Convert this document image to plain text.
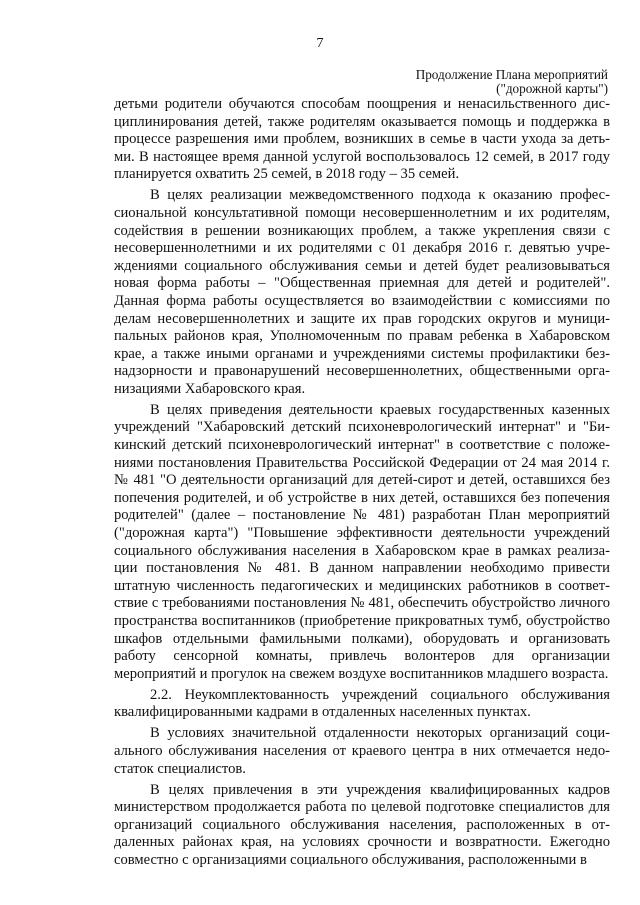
7
Продолжение Плана мероприятий
("дорожной карты")

детьми родители обучаются способам поощрения и ненасильственного дисциплинирования детей, также родителям оказывается помощь и поддержка в процессе разрешения ими проблем, возникших в семье в части ухода за детьми. В настоящее время данной услугой воспользовалось 12 семей, в 2017 году планируется охватить 25 семей, в 2018 году – 35 семей.

В целях реализации межведомственного подхода к оказанию профессиональной консультативной помощи несовершеннолетним и их родителям, содействия в решении возникающих проблем, а также укрепления связи с несовершеннолетними и их родителями с 01 декабря 2016 г. девятью учреждениями социального обслуживания семьи и детей будет реализовываться новая форма работы – "Общественная приемная для детей и родителей". Данная форма работы осуществляется во взаимодействии с комиссиями по делам несовершеннолетних и защите их прав городских округов и муниципальных районов края, Уполномоченным по правам ребенка в Хабаровском крае, а также иными органами и учреждениями системы профилактики безнадзорности и правонарушений несовершеннолетних, общественными организациями Хабаровского края.

В целях приведения деятельности краевых государственных казенных учреждений "Хабаровский детский психоневрологический интернат" и "Бикинский детский психоневрологический интернат" в соответствие с положениями постановления Правительства Российской Федерации от 24 мая 2014 г. № 481 "О деятельности организаций для детей-сирот и детей, оставшихся без попечения родителей, и об устройстве в них детей, оставшихся без попечения родителей" (далее – постановление № 481) разработан План мероприятий ("дорожная карта") "Повышение эффективности деятельности учреждений социального обслуживания населения в Хабаровском крае в рамках реализации постановления № 481. В данном направлении необходимо привести штатную численность педагогических и медицинских работников в соответствие с требованиями постановления № 481, обеспечить обустройство личного пространства воспитанников (приобретение прикроватных тумб, обустройство шкафов отдельными фамильными полками), оборудовать и организовать работу сенсорной комнаты, привлечь волонтеров для организации мероприятий и прогулок на свежем воздухе воспитанников младшего возраста.

2.2. Неукомплектованность учреждений социального обслуживания квалифицированными кадрами в отдаленных населенных пунктах.

В условиях значительной отдаленности некоторых организаций социального обслуживания населения от краевого центра в них отмечается недостаток специалистов.

В целях привлечения в эти учреждения квалифицированных кадров министерством продолжается работа по целевой подготовке специалистов для организаций социального обслуживания населения, расположенных в отдаленных районах края, на условиях срочности и возвратности. Ежегодно совместно с организациями социального обслуживания, расположенными в
